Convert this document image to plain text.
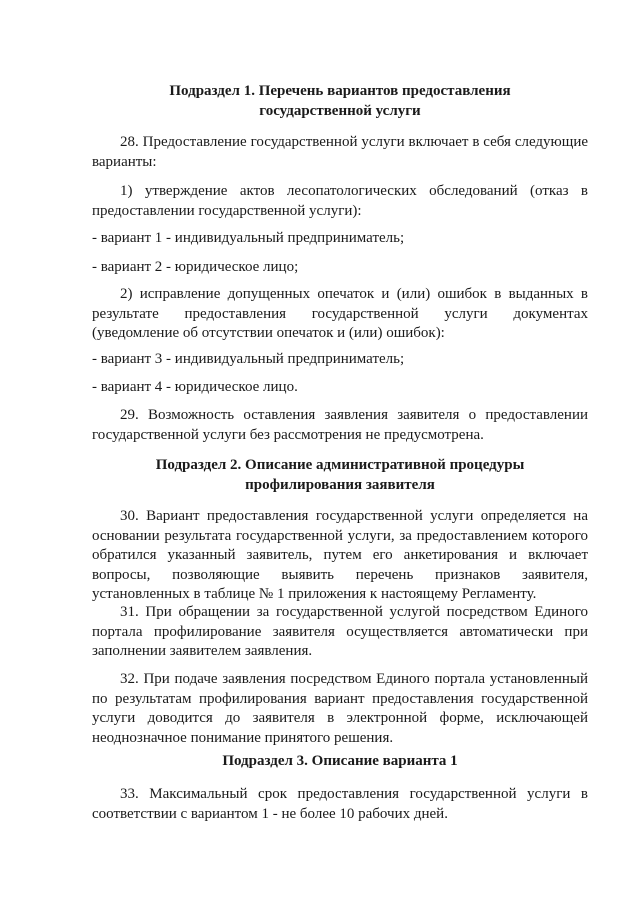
Подраздел 1. Перечень вариантов предоставления
государственной услуги

28. Предоставление государственной услуги включает в себя следующие варианты:

1) утверждение актов лесопатологических обследований (отказ в предоставлении государственной услуги):

- вариант 1 - индивидуальный предприниматель;

- вариант 2 - юридическое лицо;

2) исправление допущенных опечаток и (или) ошибок в выданных в результате предоставления государственной услуги документах (уведомление об отсутствии опечаток и (или) ошибок):

- вариант 3 - индивидуальный предприниматель;

- вариант 4 - юридическое лицо.

29. Возможность оставления заявления заявителя о предоставлении государственной услуги без рассмотрения не предусмотрена.

Подраздел 2. Описание административной процедуры
профилирования заявителя

30. Вариант предоставления государственной услуги определяется на основании результата государственной услуги, за предоставлением которого обратился указанный заявитель, путем его анкетирования и включает вопросы, позволяющие выявить перечень признаков заявителя, установленных в таблице № 1 приложения к настоящему Регламенту.

31. При обращении за государственной услугой посредством Единого портала профилирование заявителя осуществляется автоматически при заполнении заявителем заявления.

32. При подаче заявления посредством Единого портала установленный по результатам профилирования вариант предоставления государственной услуги доводится до заявителя в электронной форме, исключающей неоднозначное понимание принятого решения.

Подраздел 3. Описание варианта 1

33. Максимальный срок предоставления государственной услуги в соответствии с вариантом 1 - не более 10 рабочих дней.
